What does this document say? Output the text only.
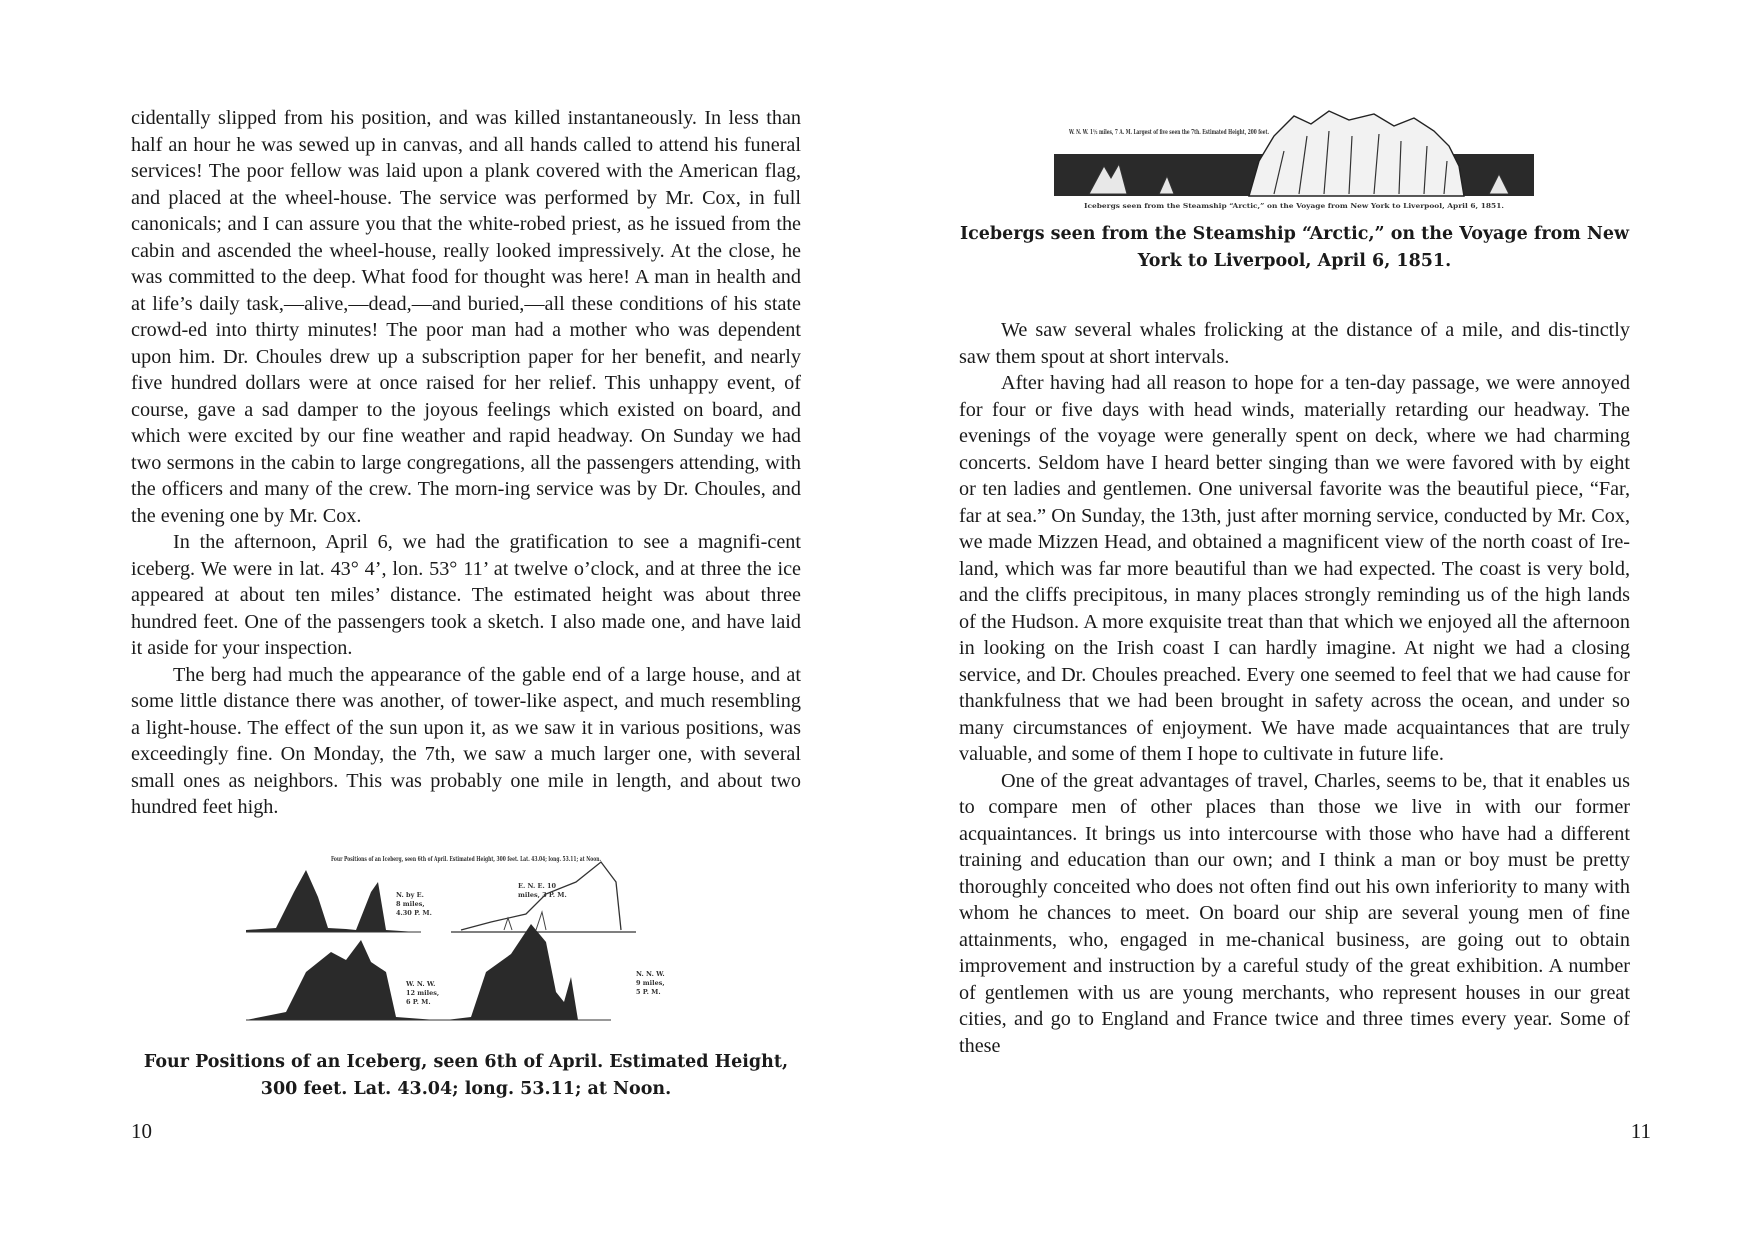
cidentally slipped from his position, and was killed instantaneously. In less than half an hour he was sewed up in canvas, and all hands called to attend his funeral services! The poor fellow was laid upon a plank covered with the American flag, and placed at the wheel-house. The service was performed by Mr. Cox, in full canonicals; and I can assure you that the white-robed priest, as he issued from the cabin and ascended the wheel-house, really looked impressively. At the close, he was committed to the deep. What food for thought was here! A man in health and at life’s daily task,—alive,—dead,—and buried,—all these conditions of his state crowd-ed into thirty minutes! The poor man had a mother who was dependent upon him. Dr. Choules drew up a subscription paper for her benefit, and nearly five hundred dollars were at once raised for her relief. This unhappy event, of course, gave a sad damper to the joyous feelings which existed on board, and which were excited by our fine weather and rapid headway. On Sunday we had two sermons in the cabin to large congregations, all the passengers attending, with the officers and many of the crew. The morn-ing service was by Dr. Choules, and the evening one by Mr. Cox.

In the afternoon, April 6, we had the gratification to see a magnifi-cent iceberg. We were in lat. 43° 4’, lon. 53° 11’ at twelve o’clock, and at three the ice appeared at about ten miles’ distance. The estimated height was about three hundred feet. One of the passengers took a sketch. I also made one, and have laid it aside for your inspection.

The berg had much the appearance of the gable end of a large house, and at some little distance there was another, of tower-like aspect, and much resembling a light-house. The effect of the sun upon it, as we saw it in various positions, was exceedingly fine. On Monday, the 7th, we saw a much larger one, with several small ones as neighbors. This was probably one mile in length, and about two hundred feet high.

Four Positions of an Iceberg, seen 6th of April. Estimated Height, 300 feet. Lat. 43.04; long. 53.11; at Noon.
N. by E.
8 miles,
4.30 P. M.
E. N. E. 10
miles, 3 P. M.
W. N. W.
12 miles,
6 P. M.
N. N. W.
9 miles,
5 P. M.
Four Positions of an Iceberg, seen 6th of April. Estimated Height, 300 feet. Lat. 43.04; long. 53.11; at Noon.
10
W. N. W. 1½ miles, 7 A. M. Largest of five seen the 7th. Estimated Height, 200 feet.
Icebergs seen from the Steamship “Arctic,” on the Voyage from New York to Liverpool, April 6, 1851.
Icebergs seen from the Steamship “Arctic,” on the Voyage from New York to Liverpool, April 6, 1851.

We saw several whales frolicking at the distance of a mile, and dis-tinctly saw them spout at short intervals.

After having had all reason to hope for a ten-day passage, we were annoyed for four or five days with head winds, materially retarding our headway. The evenings of the voyage were generally spent on deck, where we had charming concerts. Seldom have I heard better singing than we were favored with by eight or ten ladies and gentlemen. One universal favorite was the beautiful piece, “Far, far at sea.” On Sunday, the 13th, just after morning service, conducted by Mr. Cox, we made Mizzen Head, and obtained a magnificent view of the north coast of Ire-land, which was far more beautiful than we had expected. The coast is very bold, and the cliffs precipitous, in many places strongly reminding us of the high lands of the Hudson. A more exquisite treat than that which we enjoyed all the afternoon in looking on the Irish coast I can hardly imagine. At night we had a closing service, and Dr. Choules preached. Every one seemed to feel that we had cause for thankfulness that we had been brought in safety across the ocean, and under so many circumstances of enjoyment. We have made acquaintances that are truly valuable, and some of them I hope to cultivate in future life.

One of the great advantages of travel, Charles, seems to be, that it enables us to compare men of other places than those we live in with our former acquaintances. It brings us into intercourse with those who have had a different training and education than our own; and I think a man or boy must be pretty thoroughly conceited who does not often find out his own inferiority to many with whom he chances to meet. On board our ship are several young men of fine attainments, who, engaged in me-chanical business, are going out to obtain improvement and instruction by a careful study of the great exhibition. A number of gentlemen with us are young merchants, who represent houses in our great cities, and go to England and France twice and three times every year. Some of these

11
